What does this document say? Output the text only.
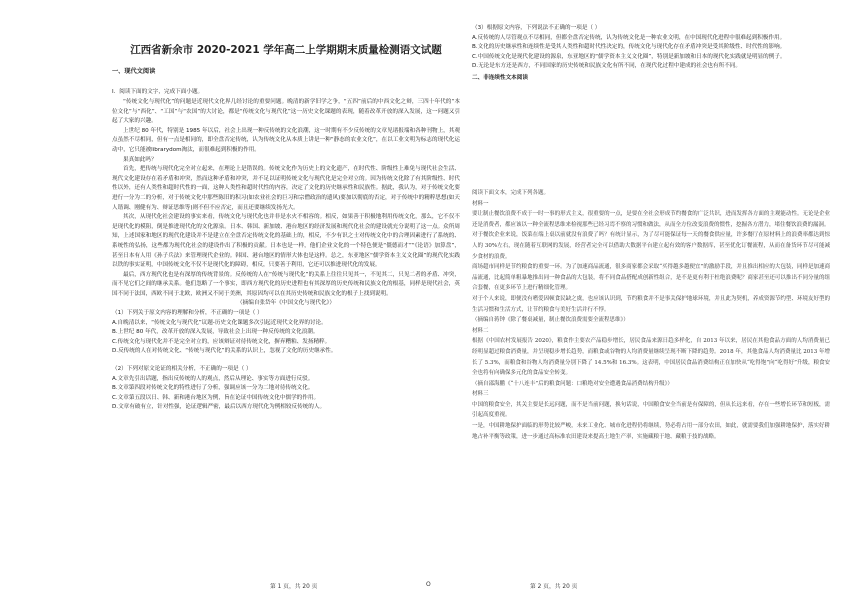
江西省新余市 2020-2021 学年高二上学期期末质量检测语文试题
一、现代文阅读
I．阅读下面的文字，完成下面小题。

“传统文化与现代化”的问题是近现代文化界几经讨论的重要问题。晚清的新学旧学之争，“五四”前后的中西文化之辩，三四十年代的“本位文化”与“西化”、“工国”与“农国”的大讨论，都是“传统文化与现代化”这一历史文化课题的表现，随着改革开放的深入发展，这一问题又引起了大家的兴趣。

上世纪 80 年代，特别是 1985 年以后，社会上出现一种反传统的文化浪潮，这一时期有不少反传统的文章见诸报端和各种刊物上，其观点虽然不尽相同，但有一点是相同的，即全盘否定传统，认为传统文化从本质上讲是一种“静态的农业文化”，在以工业文明为标志的现代化运动中，它只能被librarydom淘汰，而很难起到积极的作用。

果真如此吗？

首先，把传统与现代化完全对立起来，在理论上是错误的。传统文化作为历史上的文化遗产，在时代性、阶级性上难免与现代社会生活、现代文化建设存在着矛盾和冲突，然而这种矛盾和冲突，并不足以证明传统文化与现代化是完全对立的。因为传统文化除了有其阶级性、时代性以外，还有人类性和超时代性的一面，这种人类性和超时代性的内容，决定了文化的历史继承性和民族性。据此，我认为，对于传统文化要进行一分为二的分析，对于传统文化中那些陈旧的积习(如农业社会的巨习和宗僧政治的遗风)要加以彻底的否定，对于传统中的精粹思想(如天人谐调、刚健有为、辩证思维等)则不但不应否定，而且还要继续发扬光大。

其次，从现代化社会建设的事实来看，传统文化与现代化也并非是水火不相容的。相反，如果善于积极地利用传统文化，那么，它不仅不是现代化的模阻，倒是推进现代化的文化源泉。日本、韩国、新加坡、港台地区的经济发展和现代化社会的建设就充分说明了这一点。众所周知，上述国家和地区的现代化建设并不是建立在全盘否定传统文化的基础上的，相反，不少有识之士对传统文化中的合理因素进行了系统的、系统性的弘扬，这些都为现代化社会的建设作出了积极的贡献。日本也是一样，他们企业文化的一个特色便是“僵德而才”“《论语》加算盘”，甚至日本有人用《孙子兵法》来管理现代企业的。韩国、港台地区的情形大体也是这样。总之，东亚地区“儒学资本主义文化圈”的现代化实践以铁的事实证明，中国传统文化不仅不是现代化的障碍，相反，只要善于利用，它还可以推进现代化的发展。

最后，西方现代化也是有深厚的传统背景的。反传统的人在“传统与现代化”的关系上往往只见其一，不见其二，只见二者的矛盾、冲突，而不见它们之间的继承关系。他们忽略了一个事实，即西方现代化的历史进程也有其深厚的历史传统和民族文化的根基，同样是现代社会，英国不同于法国，西欧不同于北欧，欧洲又不同于美洲，其原因均可以在其历史传统和民族文化的根子上找到说明。

（摘编自张岱年《中国文化与现代化》）

（1）下列关于原文内容的理解和分析，不正确的一项是（ ）

A.自晚清以来，“传统文化与现代化”议题-历史文化课题多次引起近现代文化界的讨论。

B.上世纪 80 年代，改革开放的深入发展，导致社会上出现一种反传统的文化浪潮。

C.传统文化与现代化并不是完全对立的，应该辩证对待传统文化，摒弃糟粕、发扬精粹。

D.反传统的人在对传统文化、“传统与现代化”的关系的认识上，忽视了文化的历史继承性。

（2）下列对原文论证的相关分析，不正确的一项是（ ）

A.文章先引出话题，指出反传统的人的观点，然后从理论、事实等方面进行反驳。

B.文章第四段对传统文化的特性进行了分析，强调应该一分为二地对待传统文化。

C.文章第五段以日、韩、新和港台地区为例，旨在论证中国传统文化中儒学的作用。

D.文章有破有立，针对性强，论证逻辑严密，最后以西方现代化为例相较反传统的人。

（3）根据原文内容，下列说法不正确的一项是（ ）

A.反传统的人尽管观点不尽相同，但都全盘否定传统，认为传统文化是一种农业文明，在中国现代化进程中很难起到积极作用。

B.文化的历史继承性和连续性是受其人类性和超时代性决定的，传统文化与现代化存在矛盾冲突是受其阶级性、时代性的影响。

C.中国传统文化是现代化建设的源泉，东亚地区的“儒学资本主义文化圈”，特别是新加坡和日本的现代化实践就是明显的例子。

D.无论是东方还是西方，不同国家的历史传统和民族文化有所不同，在现代化过程中建成的社会也有所不同。

二、非连续性文本阅读

阅读下面文本，完成下列各题。

材料一

要让制止餐饮浪费不成于一时一事的形式主义，很重要的一点，是要在全社会形成节约餐食的广泛共识，进而发挥各方面的主观能动性。无论是企业还是消费者，都应该以一种全流程思维来检视那些已经习焉不察的习惯和做法，从而全方位改变浪费的惯性，挖掘各方潜力，堵住餐饮浪费的漏洞。

对于餐饮企业来说，饭菜在端上桌以前就没有浪费了吗？有统计显示，为了尽可能保证每一天的餐食供应量，许多餐厅在原材料上的浪费率都达到惊人的 30%左右，现在随着互联网的发展，经营者完全可以借助大数据平台建立起有效的客户数据库，甚至优化订餐流程，从而在备货环节尽可能减少食材的浪费。

商场超市同样是节约粮食的重要一环。为了加速商品流通，很多商家都会采取“买得越多越便宜”的激励手段，并且推出相应的大包装，同样是加速商品流通，比起简单粗暴地推出同一种食品的大包装，将不同食品搭配成创新性组合，是不是更有利于杜绝浪费呢？商家甚至还可以推出不同分量的组合套餐，在更多环节上进行精细化管理。

对于个人来说，即便没有嗜爱因顿食民缺之虞，也应该认识到，节约粮食并不是事关保护地球环境，并且此为契机，养成资源节约型、环境友好型的生活习惯和生活方式，让节约粮食与美好生活并行不悖。

（摘编自蒋钟《除了餐桌减量，制止餐饮浪费需要全流程思维》）

材料二

根据《中国农村发展报告 2020》，粮食作主要农产品稳步增长，居民食品来源日趋多样化，自 2013 年以来，居民在其他食品方面的人均消费量已经明显超过粮食消费量，并呈现稳步增长趋势，而粮食或谷物的人均消费量继续呈现不断下降的趋势。2018 年，其他食品人均消费量比 2013 年增长了 5.3%，而粮食和谷物人均消费量分别下降了 14.5%和 16.3%。这表明，中国居民食品消费结构正在加快从“吃得饱”向“吃得好”升级，粮食安全也将有向确保多元化的食品安全转变。

（摘自邵海鹏《“十八连丰”后的粮食问题：口粮绝对安全遭遇食品消费结构升级》）

材料三

中国的粮食安全，其关主要是长远问题，而不是当前问题，换句话说，中国粮食安全当前是有保障的，但从长远来看，存在一些增长环节和短板，需引起高度重视。

一是，中国耕地保护面临的形势比较严峻，未来工业化、城市化进程仍将继续，势必将占用一部分农田，如此，就需要我们加强耕地保护，落实好耕地占补平衡等政策，进一步通过高标准农田建设来提高土地生产率，实施藏粮于地、藏粮于技的战略。

第 1 页，共 20 页	O	第 2 页，共 20 页
